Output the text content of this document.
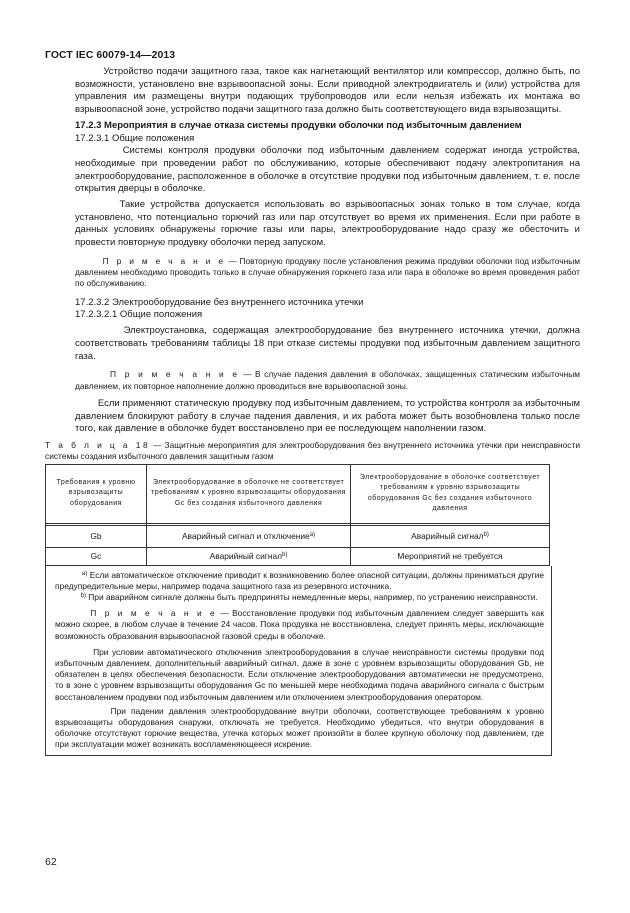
ГОСТ IEC 60079-14—2013

Устройство подачи защитного газа, такое как нагнетающий вентилятор или компрессор, должно быть, по возможности, установлено вне взрывоопасной зоны. Если приводной электродвигатель и (или) устройства для управления им размещены внутри подающих трубопроводов или если нельзя избежать их монтажа во взрывоопасной зоне, устройство подачи защитного газа должно быть соответствующего вида взрывозащиты.

17.2.3 Мероприятия в случае отказа системы продувки оболочки под избыточным давлением

17.2.3.1 Общие положения

Системы контроля продувки оболочки под избыточным давлением содержат иногда устройства, необходимые при проведении работ по обслуживанию, которые обеспечивают подачу электропитания на электрооборудование, расположенное в оболочке в отсутствие продувки под избыточным давлением, т. е. после открытия дверцы в оболочке.

Такие устройства допускается использовать во взрывоопасных зонах только в том случае, когда установлено, что потенциально горючий газ или пар отсутствует во время их применения. Если при работе в данных условиях обнаружены горючие газы или пары, электрооборудование надо сразу же обесточить и провести повторную продувку оболочки перед запуском.

П р и м е ч а н и е — Повторную продувку после установления режима продувки оболочки под избыточным давлением необходимо проводить только в случае обнаружения горючего газа или пара в оболочке во время проведения работ по обслуживанию.

17.2.3.2 Электрооборудование без внутреннего источника утечки

17.2.3.2.1 Общие положения

Электроустановка, содержащая электрооборудование без внутреннего источника утечки, должна соответствовать требованиям таблицы 18 при отказе системы продувки под избыточным давлением защитного газа.

П р и м е ч а н и е — В случае падения давления в оболочках, защищенных статическим избыточным давлением, их повторное наполнение должно проводиться вне взрывоопасной зоны.

Если применяют статическую продувку под избыточным давлением, то устройства контроля за избыточным давлением блокируют работу в случае падения давления, и их работа может быть возобновлена только после того, как давление в оболочке будет восстановлено при ее последующем наполнении газом.

Т а б л и ц а 18 — Защитные мероприятия для электрооборудования без внутреннего источника утечки при неисправности системы создания избыточного давления защитным газом

Требования к уровню взрывозащиты оборудования	Электрооборудование в оболочке не соответствует требованиям к уровню взрывозащиты оборудования Gc без создания избыточного давления	Электрооборудование в оболочке соответствует требованиям к уровню взрывозащиты оборудования Gc без создания избыточного давления

Gb	Аварийный сигнал и отключение$^{a)}$	Аварийный сигнал$^{b)}$
Gc	Аварийный сигнал$^{b)}$	Мероприятий не требуется

$^{a)}$ Если автоматическое отключение приводит к возникновению более опасной ситуации, должны приниматься другие предупредительные меры, например подача защитного газа из резервного источника.

$^{b)}$ При аварийном сигнале должны быть предприняты немедленные меры, например, по устранению неисправности.

П р и м е ч а н и е — Восстановление продувки под избыточным давлением следует завершить как можно скорее, в любом случае в течение 24 часов. Пока продувка не восстановлена, следует принять меры, исключающие возможность образования взрывоопасной газовой среды в оболочке.

При условии автоматического отключения электрооборудования в случае неисправности системы продувки под избыточным давлением, дополнительный аварийный сигнал, даже в зоне с уровнем взрывозащиты оборудования Gb, не обязателен в целях обеспечения безопасности. Если отключение электрооборудования автоматически не предусмотрено, то в зоне с уровнем взрывозащиты оборудования Gc по меньшей мере необходима подача аварийного сигнала с быстрым восстановлением продувки под избыточным давлением или отключением электрооборудования оператором.

При падении давления электрооборудование внутри оболочки, соответствующее требованиям к уровню взрывозащиты оборудования снаружи, отключать не требуется. Необходимо убедиться, что внутри оборудования в оболочке отсутствуют горючие вещества, утечка которых может произойти в более крупную оболочку под давлением, где при эксплуатации может возникать воспламеняющееся искрение.

62
